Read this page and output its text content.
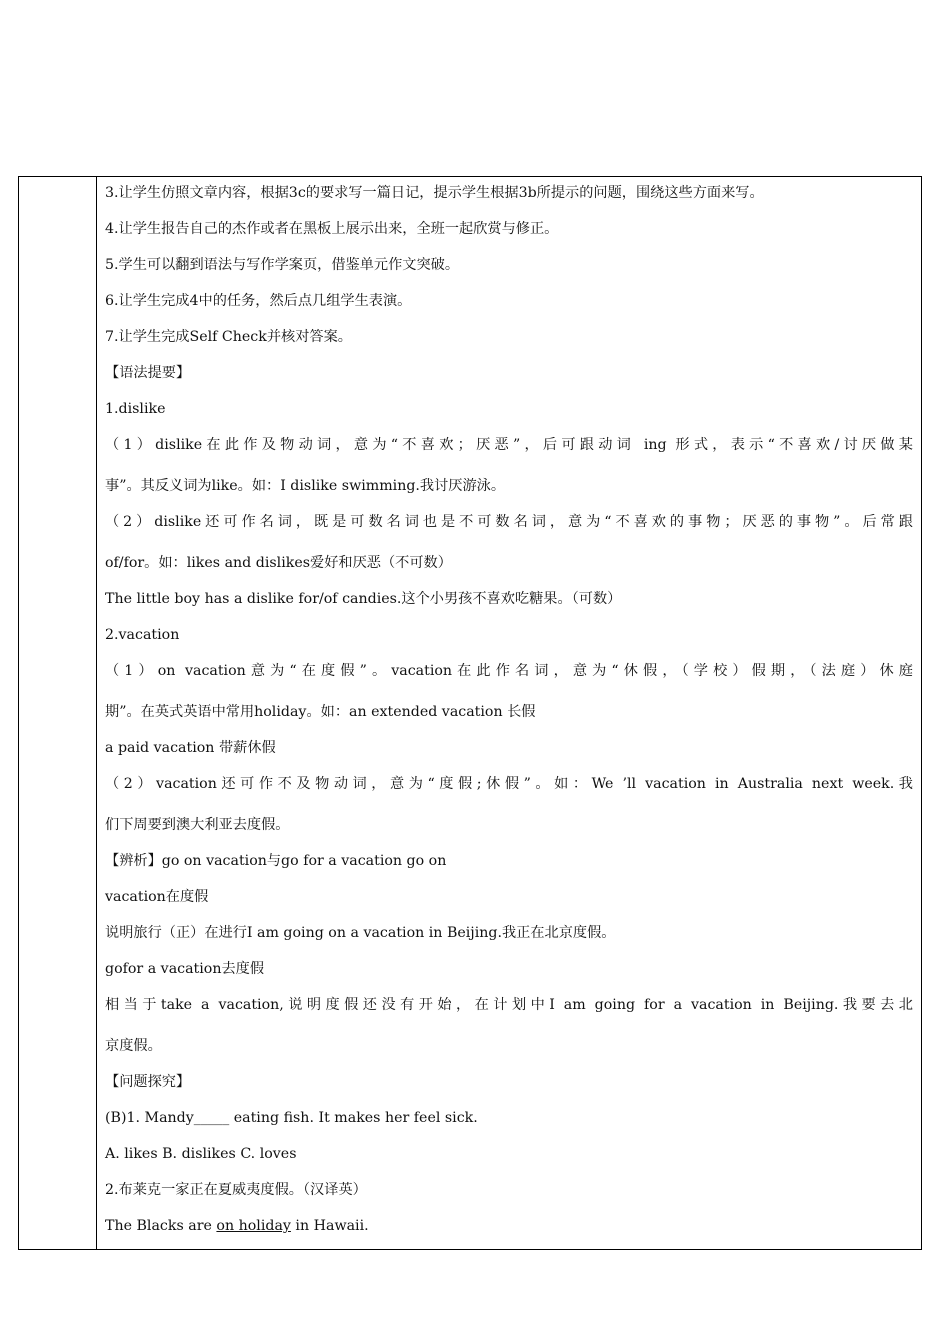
3.让学生仿照文章内容，根据3c的要求写一篇日记，提示学生根据3b所提示的问题，围绕这些方面来写。
4.让学生报告自己的杰作或者在黑板上展示出来，全班一起欣赏与修正。
5.学生可以翻到语法与写作学案页，借鉴单元作文突破。
6.让学生完成4中的任务，然后点几组学生表演。
7.让学生完成Self Check并核对答案。
【语法提要】
1.dislike
（1）dislike在此作及物动词，意为“不喜欢；厌恶”，后可跟动词 ing 形式，表示“不喜欢/讨厌做某
事”。其反义词为like。如：I dislike swimming.我讨厌游泳。
（2）dislike还可作名词，既是可数名词也是不可数名词，意为“不喜欢的事物；厌恶的事物”。后常跟
of/for。如：likes and dislikes爱好和厌恶（不可数）
The little boy has a dislike for/of candies.这个小男孩不喜欢吃糖果。（可数）
2.vacation
（1）on vacation意为“在度假”。vacation在此作名词，意为“休假，（学校）假期，（法庭）休庭
期”。在英式英语中常用holiday。如：an extended vacation 长假
a paid vacation 带薪休假
（2）vacation还可作不及物动词，意为“度假;休假”。如：We ’ll vacation in Australia next week.我
们下周要到澳大利亚去度假。
【辨析】go on vacation与go for a vacation go on
vacation在度假
说明旅行（正）在进行I am going on a vacation in Beijing.我正在北京度假。
gofor a vacation去度假
相当于take a vacation,说明度假还没有开始，在计划中I am going for a vacation in Beijing.我要去北
京度假。
【问题探究】
(B)1. Mandy_____ eating fish. It makes her feel sick.
A. likes B. dislikes C. loves
2.布莱克一家正在夏威夷度假。（汉译英）
The Blacks are on holiday in Hawaii.
